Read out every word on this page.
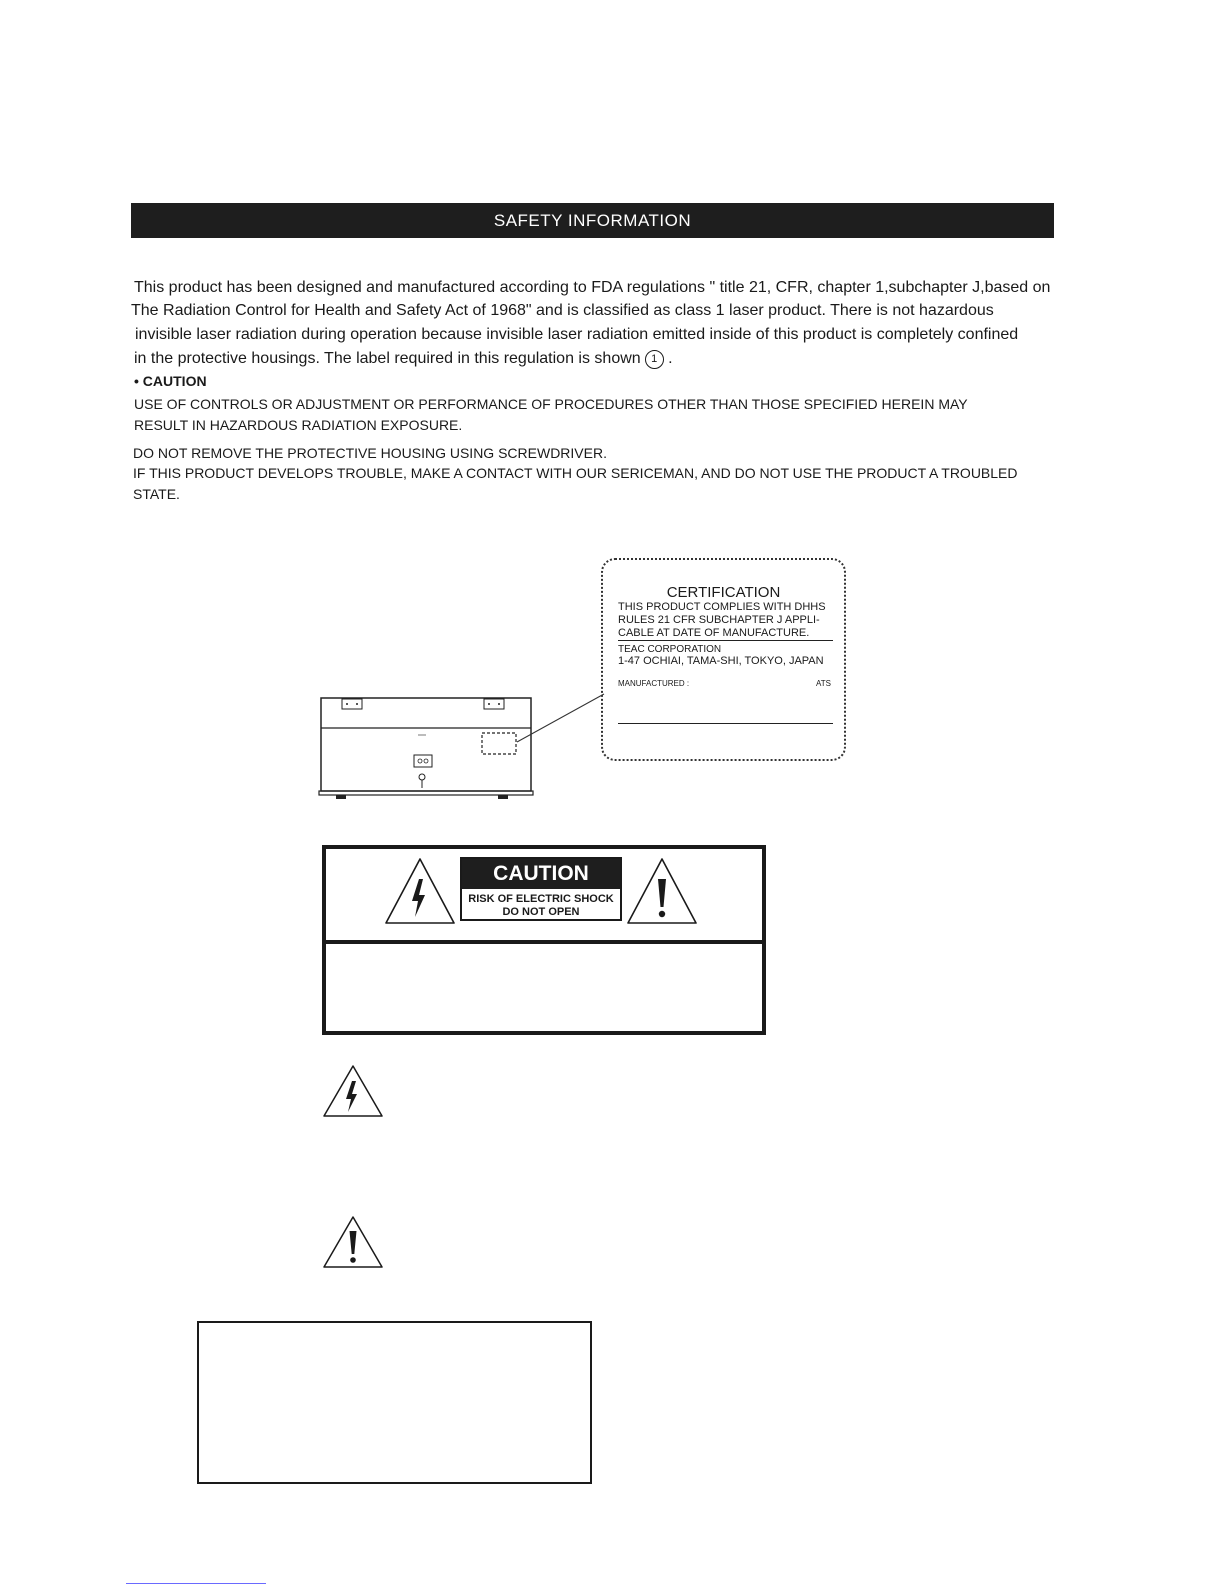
SAFETY INFORMATION
This product has been designed and manufactured according to FDA regulations " title 21, CFR, chapter 1,subchapter J,based on
The Radiation Control for Health and Safety Act of 1968" and is classified as class 1 laser product. There is not hazardous
invisible laser radiation during operation because invisible laser radiation emitted inside of this product is completely confined
in the protective housings. The label required in this regulation is shown 1 .
• CAUTION
USE OF CONTROLS OR ADJUSTMENT OR PERFORMANCE OF PROCEDURES OTHER THAN THOSE SPECIFIED HEREIN MAY
RESULT IN HAZARDOUS RADIATION EXPOSURE.
DO NOT REMOVE THE PROTECTIVE HOUSING USING SCREWDRIVER.
IF THIS PRODUCT DEVELOPS TROUBLE, MAKE A CONTACT WITH OUR SERICEMAN, AND DO NOT USE THE PRODUCT A TROUBLED
STATE.
CERTIFICATION
THIS PRODUCT COMPLIES WITH DHHS
RULES 21 CFR SUBCHAPTER J APPLI-
CABLE AT DATE OF MANUFACTURE.
TEAC CORPORATION
1-47 OCHIAI, TAMA-SHI, TOKYO, JAPAN
MANUFACTURED :	ATS
CAUTION
RISK OF ELECTRIC SHOCK
DO NOT OPEN
